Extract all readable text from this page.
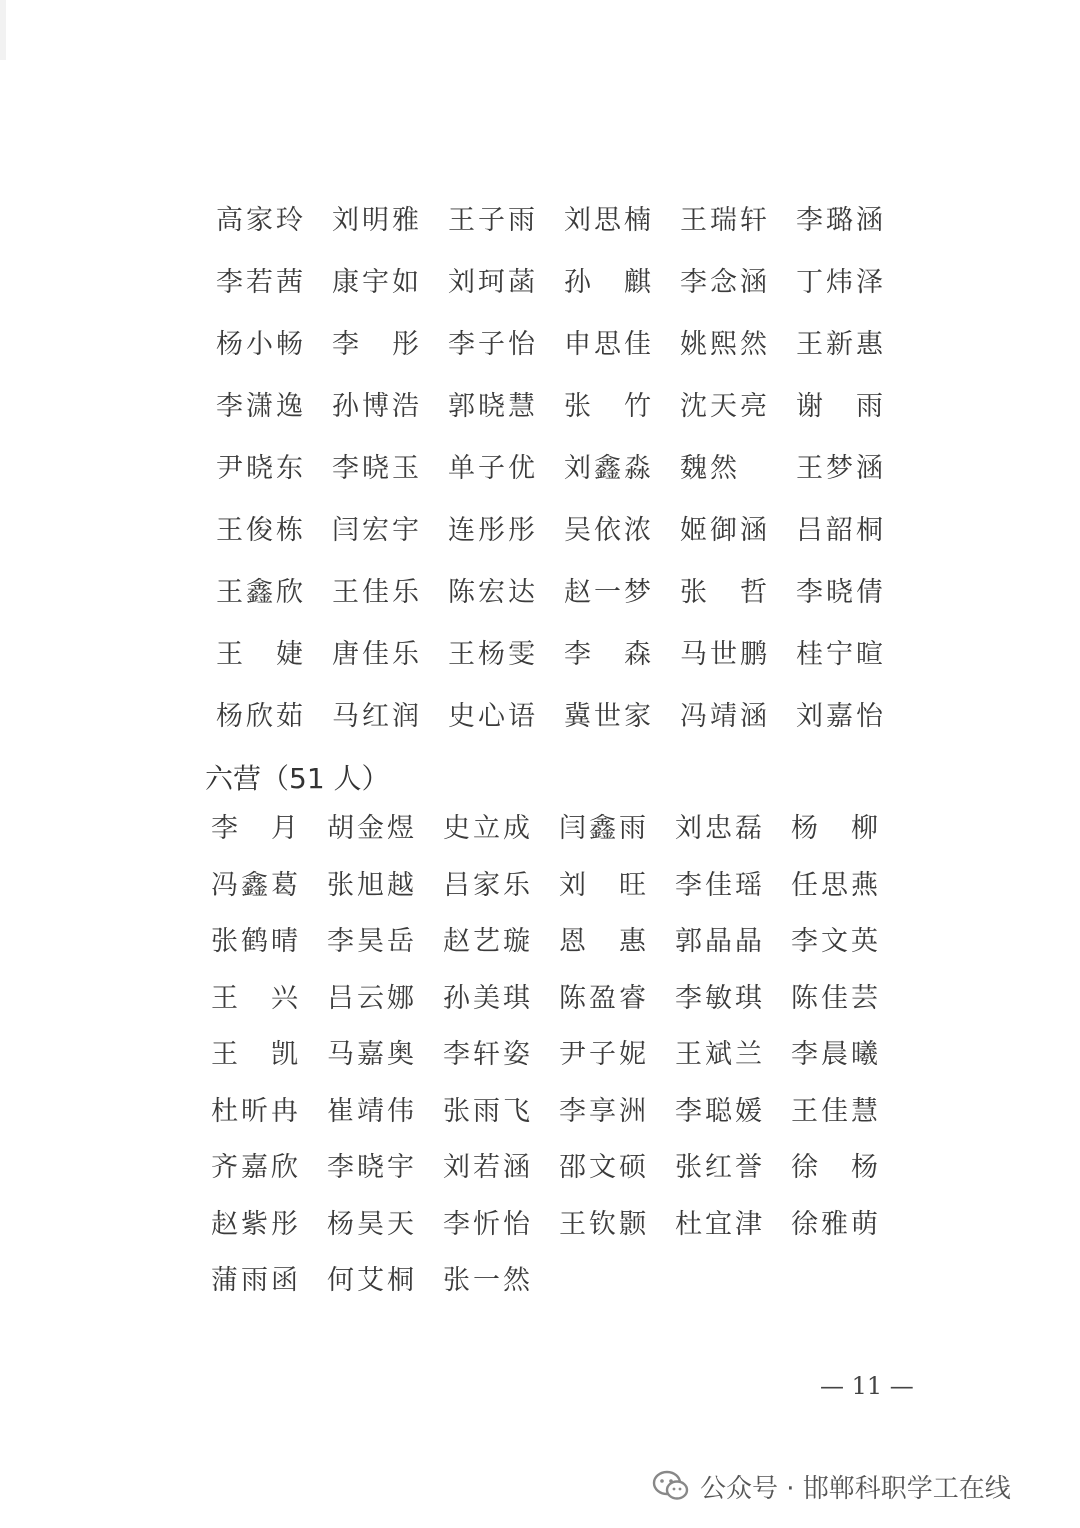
高家玲 刘明雅 王子雨 刘思楠 王瑞轩 李璐涵
李若茜 康宇如 刘珂菡 孙　麒 李念涵 丁炜泽
杨小畅 李　彤 李子怡 申思佳 姚熙然 王新惠
李潇逸 孙博浩 郭晓慧 张　竹 沈天亮 谢　雨
尹晓东 李晓玉 单子优 刘鑫淼 魏然	王梦涵
王俊栋 闫宏宇 连彤彤 吴依浓 姬御涵 吕韶桐
王鑫欣 王佳乐 陈宏达 赵一梦 张　哲 李晓倩
王　婕 唐佳乐 王杨雯 李　森 马世鹏 桂宁暄
杨欣茹 马红润 史心语 冀世家 冯靖涵 刘嘉怡
六营（51 人）
李　月 胡金煜 史立成 闫鑫雨 刘忠磊 杨　柳
冯鑫葛 张旭越 吕家乐 刘　旺 李佳瑶 任思燕
张鹤晴 李昊岳 赵艺璇 恩　惠 郭晶晶 李文英
王　兴 吕云娜 孙美琪 陈盈睿 李敏琪 陈佳芸
王　凯 马嘉奥 李轩姿 尹子妮 王斌兰 李晨曦
杜昕冉 崔靖伟 张雨飞 李享洲 李聪媛 王佳慧
齐嘉欣 李晓宇 刘若涵 邵文硕 张红誉 徐　杨
赵紫彤 杨昊天 李忻怡 王钦颢 杜宜津 徐雅萌
蒲雨函 何艾桐 张一然
— 11 —
公众号 · 邯郸科职学工在线
